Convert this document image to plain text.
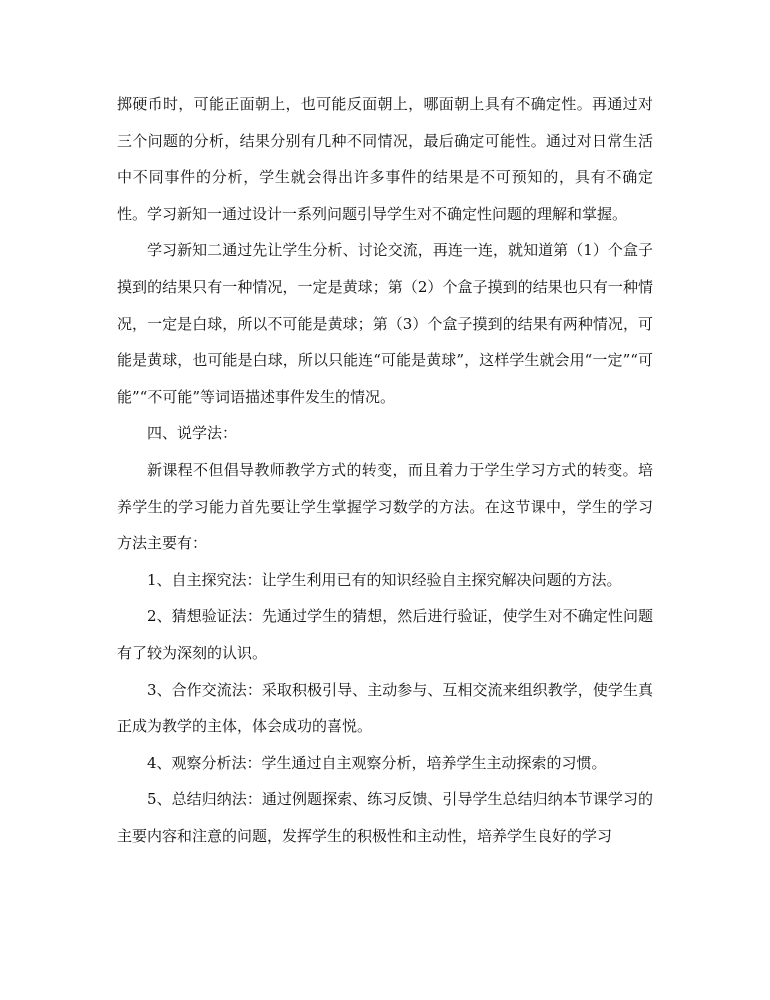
掷硬币时，可能正面朝上，也可能反面朝上，哪面朝上具有不确定性。再通过对三个问题的分析，结果分别有几种不同情况，最后确定可能性。通过对日常生活中不同事件的分析，学生就会得出许多事件的结果是不可预知的，具有不确定性。学习新知一通过设计一系列问题引导学生对不确定性问题的理解和掌握。

学习新知二通过先让学生分析、讨论交流，再连一连，就知道第（1）个盒子摸到的结果只有一种情况，一定是黄球；第（2）个盒子摸到的结果也只有一种情况，一定是白球，所以不可能是黄球；第（3）个盒子摸到的结果有两种情况，可能是黄球，也可能是白球，所以只能连“可能是黄球”，这样学生就会用“一定”“可能”“不可能”等词语描述事件发生的情况。

四、说学法：

新课程不但倡导教师教学方式的转变，而且着力于学生学习方式的转变。培养学生的学习能力首先要让学生掌握学习数学的方法。在这节课中，学生的学习方法主要有：

1、自主探究法：让学生利用已有的知识经验自主探究解决问题的方法。

2、猜想验证法：先通过学生的猜想，然后进行验证，使学生对不确定性问题有了较为深刻的认识。

3、合作交流法：采取积极引导、主动参与、互相交流来组织教学，使学生真正成为教学的主体，体会成功的喜悦。

4、观察分析法：学生通过自主观察分析，培养学生主动探索的习惯。

5、总结归纳法：通过例题探索、练习反馈、引导学生总结归纳本节课学习的主要内容和注意的问题，发挥学生的积极性和主动性，培养学生良好的学习
